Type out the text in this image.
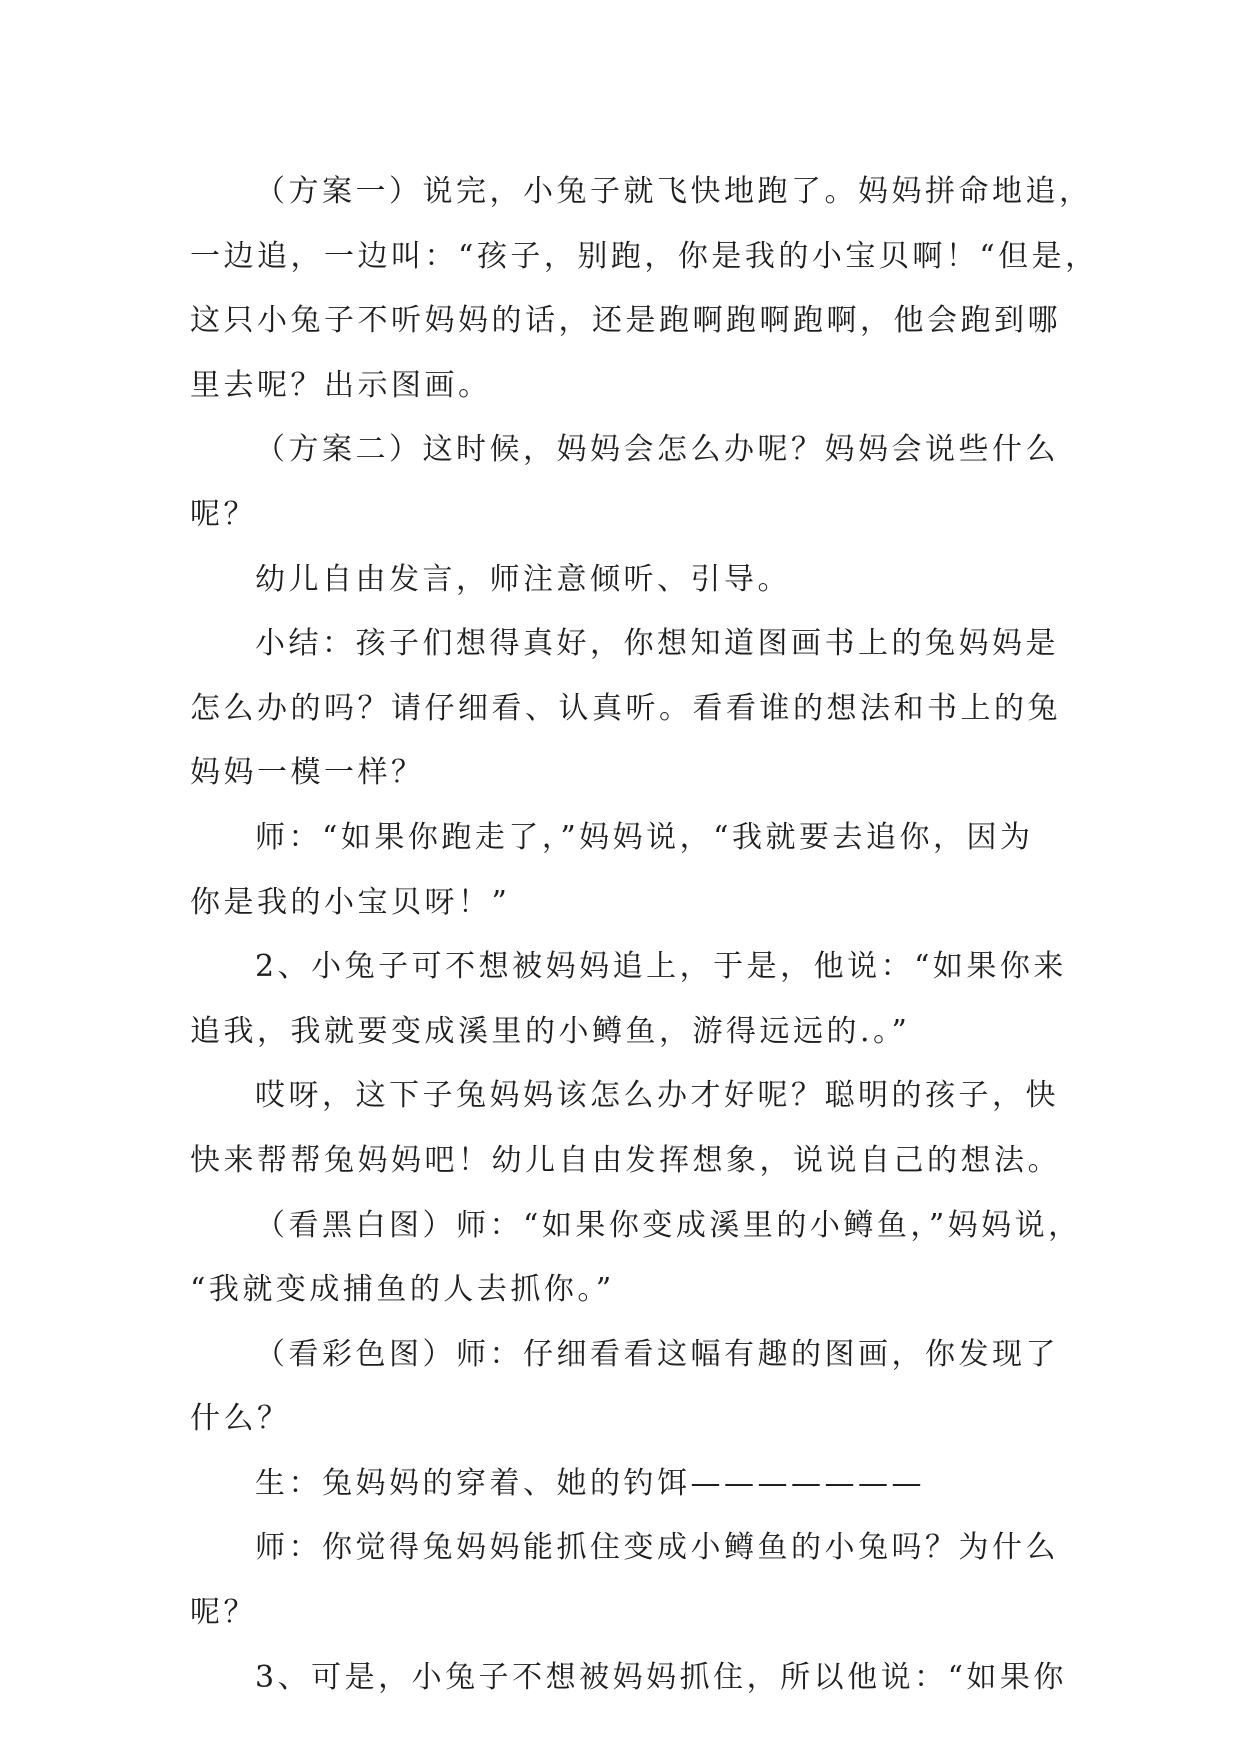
（方案一）说完，小兔子就飞快地跑了。妈妈拼命地追，
一边追，一边叫：“孩子，别跑，你是我的小宝贝啊！“但是，
这只小兔子不听妈妈的话，还是跑啊跑啊跑啊，他会跑到哪
里去呢？出示图画。
（方案二）这时候，妈妈会怎么办呢？妈妈会说些什么
呢？
幼儿自由发言，师注意倾听、引导。
小结：孩子们想得真好，你想知道图画书上的兔妈妈是
怎么办的吗？请仔细看、认真听。看看谁的想法和书上的兔
妈妈一模一样？
师：“如果你跑走了，”妈妈说，“我就要去追你，因为
你是我的小宝贝呀！”
2、小兔子可不想被妈妈追上，于是，他说：“如果你来
追我，我就要变成溪里的小鳟鱼，游得远远的.。”
哎呀，这下子兔妈妈该怎么办才好呢？聪明的孩子，快
快来帮帮兔妈妈吧！幼儿自由发挥想象，说说自己的想法。
（看黑白图）师：“如果你变成溪里的小鳟鱼，”妈妈说，
“我就变成捕鱼的人去抓你。”
（看彩色图）师：仔细看看这幅有趣的图画，你发现了
什么？
生：兔妈妈的穿着、她的钓饵———————
师：你觉得兔妈妈能抓住变成小鳟鱼的小兔吗？为什么
呢？
3、可是，小兔子不想被妈妈抓住，所以他说：“如果你
